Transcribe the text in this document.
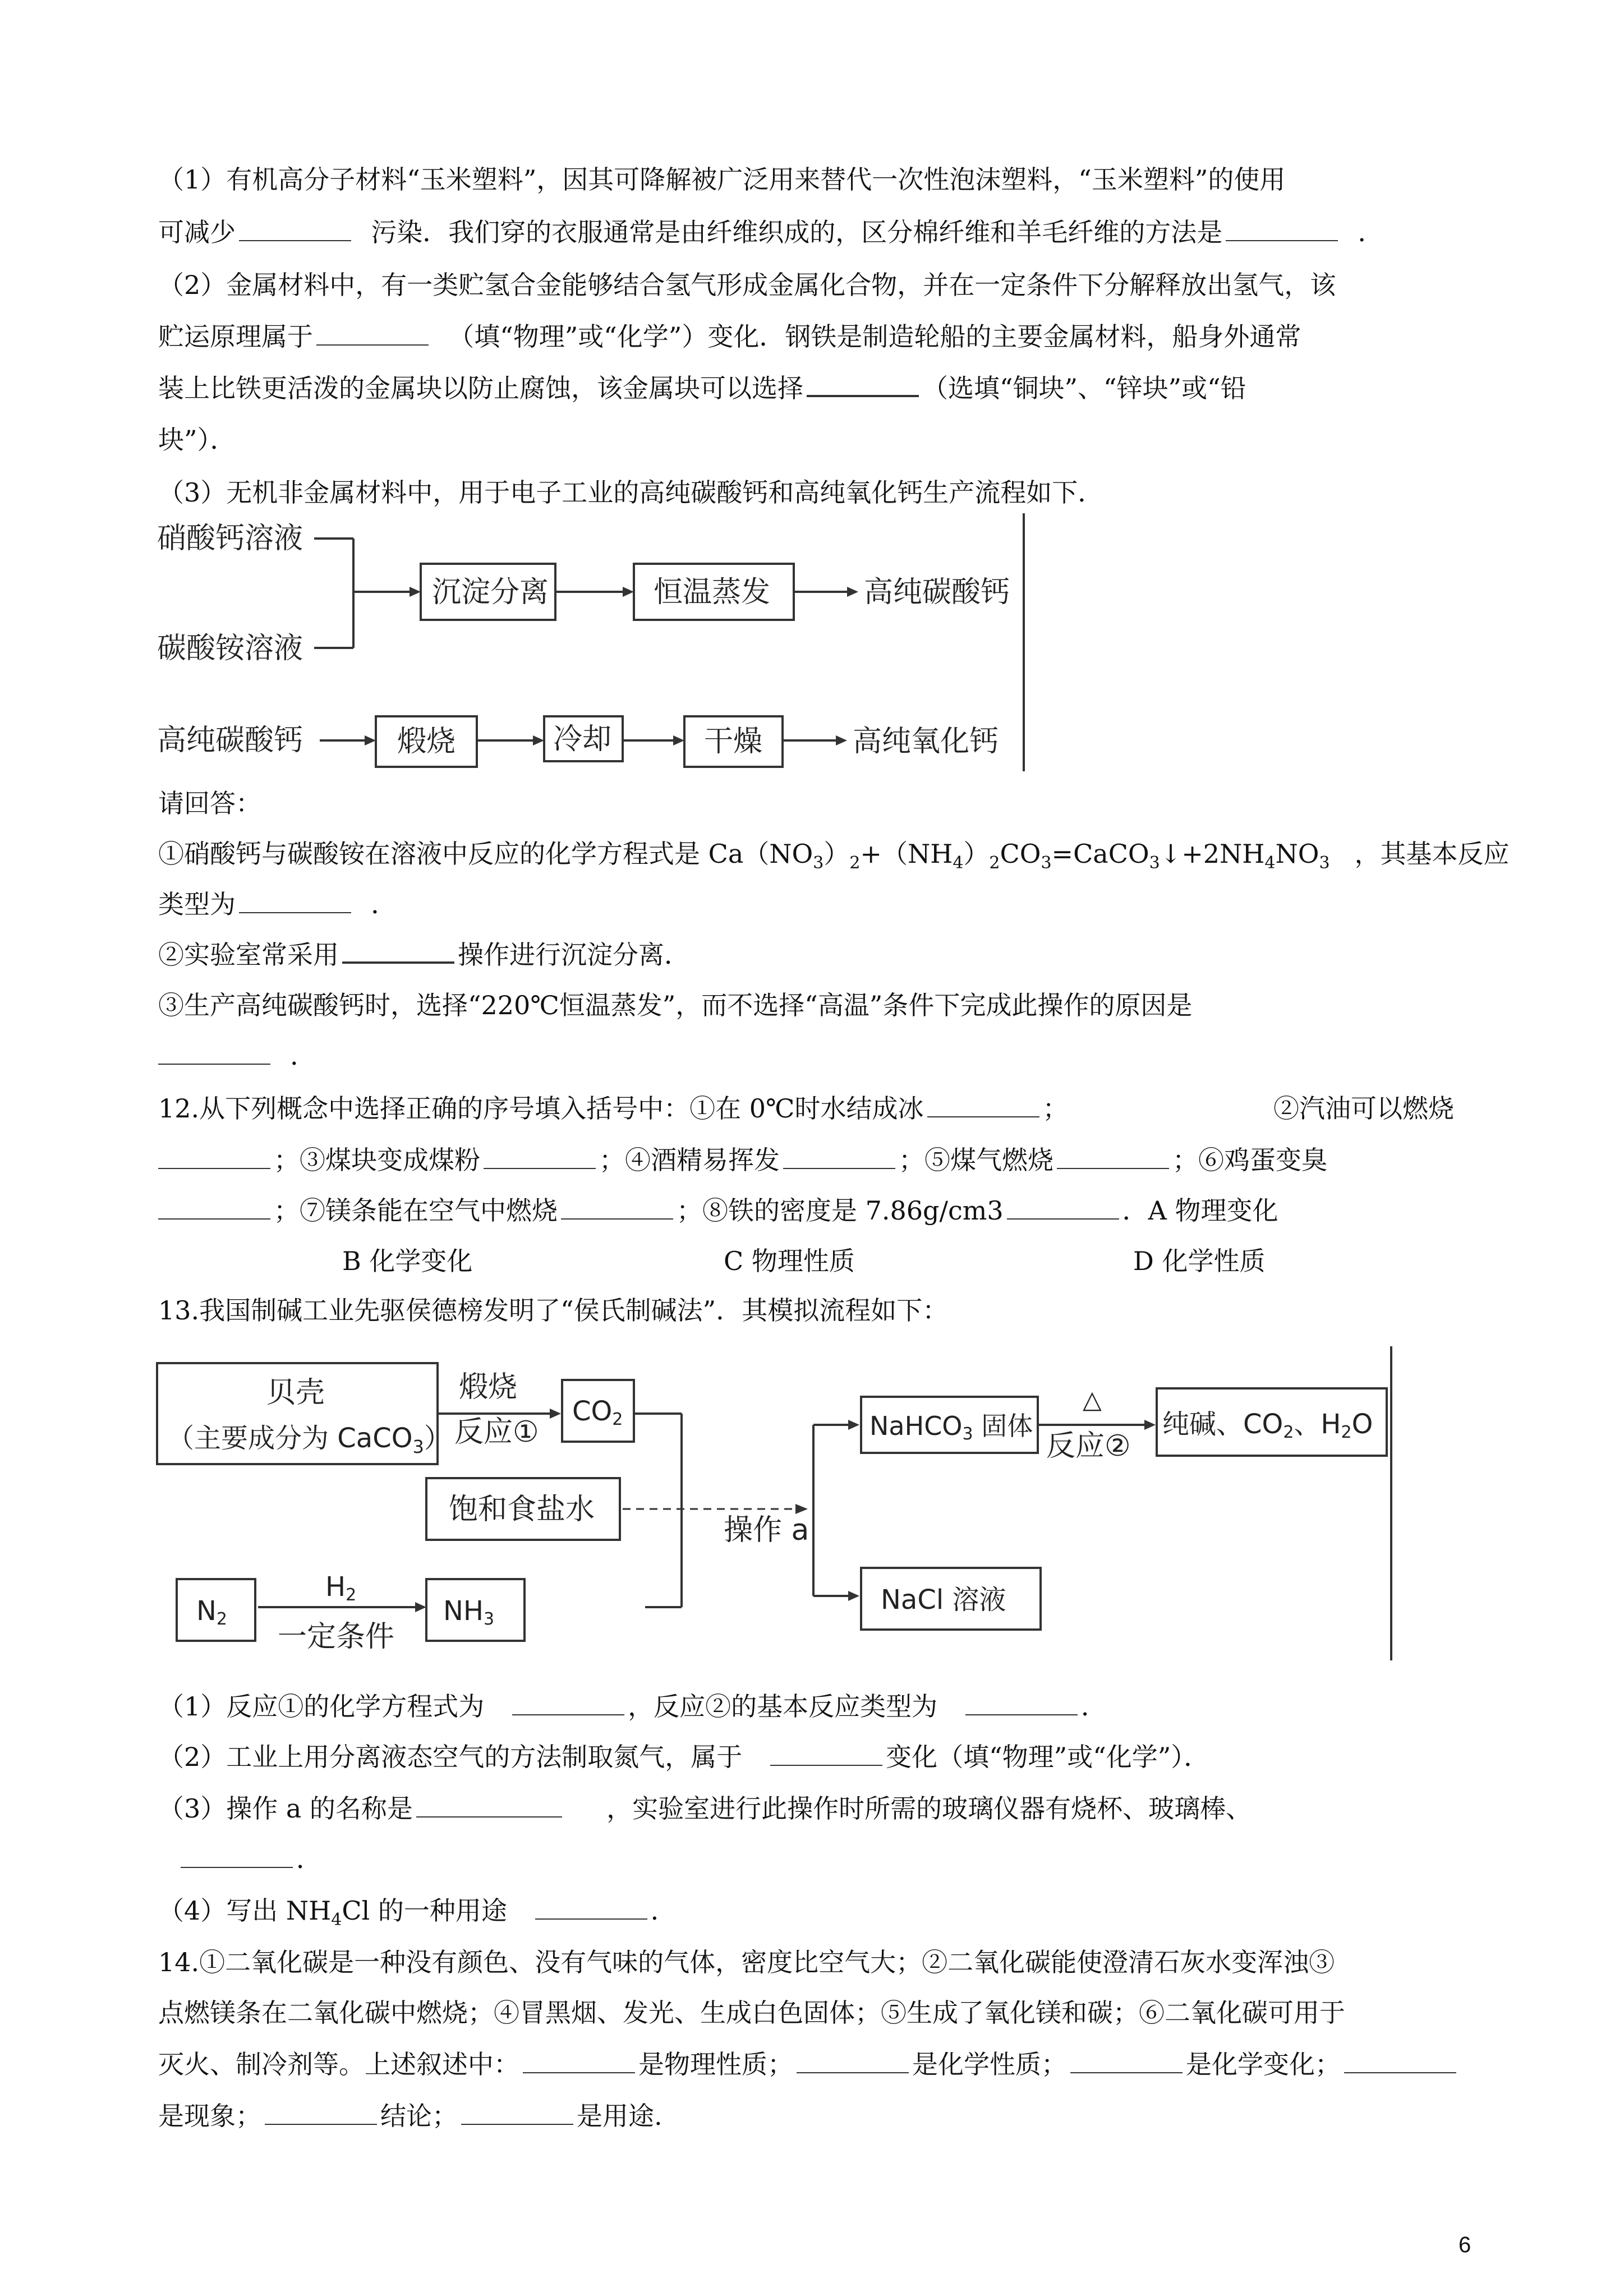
（1）有机高分子材料“玉米塑料”，因其可降解被广泛用来替代一次性泡沫塑料，“玉米塑料”的使用
可减少	污染．我们穿的衣服通常是由纤维织成的，区分棉纤维和羊毛纤维的方法是	．
（2）金属材料中，有一类贮氢合金能够结合氢气形成金属化合物，并在一定条件下分解释放出氢气，该
贮运原理属于	（填“物理”或“化学”）变化．钢铁是制造轮船的主要金属材料，船身外通常
装上比铁更活泼的金属块以防止腐蚀，该金属块可以选择	（选填“铜块”、“锌块”或“铅
块”）．
（3）无机非金属材料中，用于电子工业的高纯碳酸钙和高纯氧化钙生产流程如下．
硝酸钙溶液
碳酸铵溶液
沉淀分离	恒温蒸发	高纯碳酸钙
高纯碳酸钙	煅烧	冷却	干燥	高纯氧化钙
请回答：
①硝酸钙与碳酸铵在溶液中反应的化学方程式是 $Ca(NO_3)_2+(NH_4)_2CO_3=CaCO_3↓+2NH_4NO_3$ ，其基本反应
类型为	．
②实验室常采用	操作进行沉淀分离．
③生产高纯碳酸钙时，选择“220℃恒温蒸发”，而不选择“高温”条件下完成此操作的原因是
．
12.从下列概念中选择正确的序号填入括号中：①在 0℃时水结成冰	；	②汽油可以燃烧
；③煤块变成煤粉	；④酒精易挥发	；⑤煤气燃烧	；⑥鸡蛋变臭
；⑦镁条能在空气中燃烧	；⑧铁的密度是 7.86g/cm3	．A 物理变化
B 化学变化	C 物理性质	D 化学性质
13.我国制碱工业先驱侯德榜发明了“侯氏制碱法”．其模拟流程如下：
贝壳
（主要成分为 CaCO$_3$）
煅烧
反应①
CO2
饱和食盐水
操作 a
N2
H2
一定条件
NH3
NaHCO3 固体
△
反应②
纯碱、CO2、H2O
NaCl 溶液
（1）反应①的化学方程式为	，反应②的基本反应类型为	．
（2）工业上用分离液态空气的方法制取氮气，属于	变化（填“物理”或“化学”）．
（3）操作 a 的名称是	，实验室进行此操作时所需的玻璃仪器有烧杯、玻璃棒、
．
（4）写出 $NH_4Cl$ 的一种用途	．
14.①二氧化碳是一种没有颜色、没有气味的气体，密度比空气大；②二氧化碳能使澄清石灰水变浑浊③
点燃镁条在二氧化碳中燃烧；④冒黑烟、发光、生成白色固体；⑤生成了氧化镁和碳；⑥二氧化碳可用于
灭火、制冷剂等。上述叙述中：	是物理性质；	是化学性质；	是化学变化；
是现象；	结论；	是用途.
6
